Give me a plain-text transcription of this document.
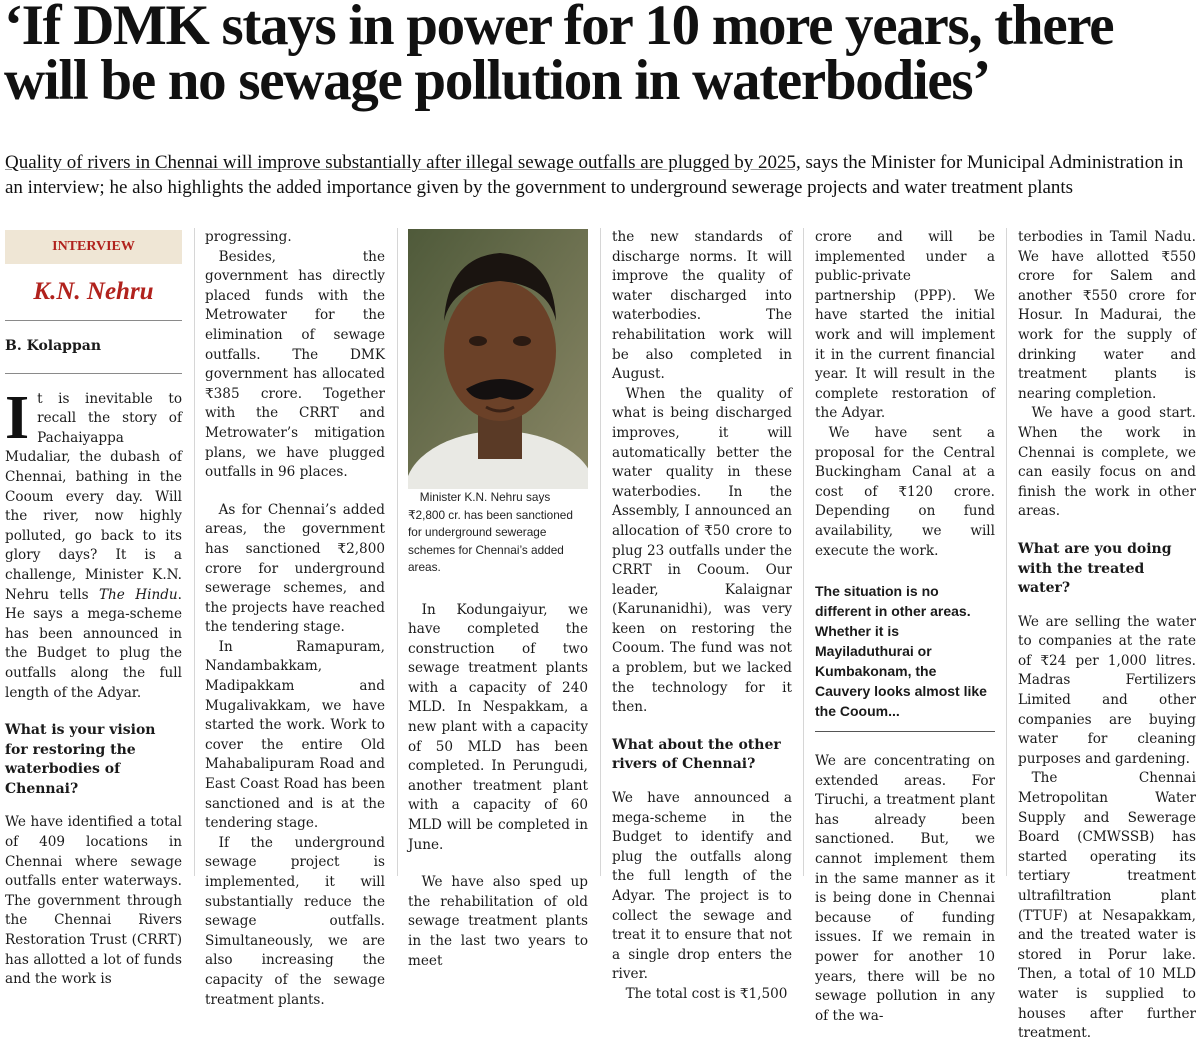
‘If DMK stays in power for 10 more years, there will be no sewage pollution in waterbodies’

Quality of rivers in Chennai will improve substantially after illegal sewage outfalls are plugged by 2025, says the Minister for Municipal Administration in an interview; he also highlights the added importance given by the government to underground sewerage projects and water treatment plants

INTERVIEW
K.N. Nehru
B. Kolappan

It is inevitable to recall the story of Pachaiyappa Mudaliar, the dubash of Chennai, bathing in the Cooum every day. Will the river, now highly polluted, go back to its glory days? It is a challenge, Minister K.N. Nehru tells The Hindu. He says a mega-scheme has been announced in the Budget to plug the outfalls along the full length of the Adyar.

What is your vision for restoring the waterbodies of Chennai?

We have identified a total of 409 locations in Chennai where sewage outfalls enter waterways. The government through the Chennai Rivers Restoration Trust (CRRT) has allotted a lot of funds and the work is

progressing.

Besides, the government has directly placed funds with the Metrowater for the elimination of sewage outfalls. The DMK government has allocated ₹385 crore. Together with the CRRT and Metrowater’s mitigation plans, we have plugged outfalls in 96 places.

As for Chennai’s added areas, the government has sanctioned ₹2,800 crore for underground sewerage schemes, and the projects have reached the tendering stage.

In Ramapuram, Nandambakkam, Madipakkam and Mugalivakkam, we have started the work. Work to cover the entire Old Mahabalipuram Road and East Coast Road has been sanctioned and is at the tendering stage.

If the underground sewage project is implemented, it will substantially reduce the sewage outfalls. Simultaneously, we are also increasing the capacity of the sewage treatment plants.

Minister K.N. Nehru says ₹2,800 cr. has been sanctioned for underground sewerage schemes for Chennai’s added areas.

In Kodungaiyur, we have completed the construction of two sewage treatment plants with a capacity of 240 MLD. In Nespakkam, a new plant with a capacity of 50 MLD has been completed. In Perungudi, another treatment plant with a capacity of 60 MLD will be completed in June.

We have also sped up the rehabilitation of old sewage treatment plants in the last two years to meet

the new standards of discharge norms. It will improve the quality of water discharged into waterbodies. The rehabilitation work will be also completed in August.

When the quality of what is being discharged improves, it will automatically better the water quality in these waterbodies. In the Assembly, I announced an allocation of ₹50 crore to plug 23 outfalls under the CRRT in Cooum. Our leader, Kalaignar (Karunanidhi), was very keen on restoring the Cooum. The fund was not a problem, but we lacked the technology for it then.

What about the other rivers of Chennai?

We have announced a mega-scheme in the Budget to identify and plug the outfalls along the full length of the Adyar. The project is to collect the sewage and treat it to ensure that not a single drop enters the river.

The total cost is ₹1,500

crore and will be implemented under a public-private partnership (PPP). We have started the initial work and will implement it in the current financial year. It will result in the complete restoration of the Adyar.

We have sent a proposal for the Central Buckingham Canal at a cost of ₹120 crore. Depending on fund availability, we will execute the work.

The situation is no different in other areas. Whether it is Mayiladuthurai or Kumbakonam, the Cauvery looks almost like the Cooum...

We are concentrating on extended areas. For Tiruchi, a treatment plant has already been sanctioned. But, we cannot implement them in the same manner as it is being done in Chennai because of funding issues. If we remain in power for another 10 years, there will be no sewage pollution in any of the wa-

terbodies in Tamil Nadu. We have allotted ₹550 crore for Salem and another ₹550 crore for Hosur. In Madurai, the work for the supply of drinking water and treatment plants is nearing completion.

We have a good start. When the work in Chennai is complete, we can easily focus on and finish the work in other areas.

What are you doing with the treated water?

We are selling the water to companies at the rate of ₹24 per 1,000 litres. Madras Fertilizers Limited and other companies are buying water for cleaning purposes and gardening.

The Chennai Metropolitan Water Supply and Sewerage Board (CMWSSB) has started operating its tertiary treatment ultrafiltration plant (TTUF) at Nesapakkam, and the treated water is stored in Porur lake. Then, a total of 10 MLD water is supplied to houses after further treatment.
